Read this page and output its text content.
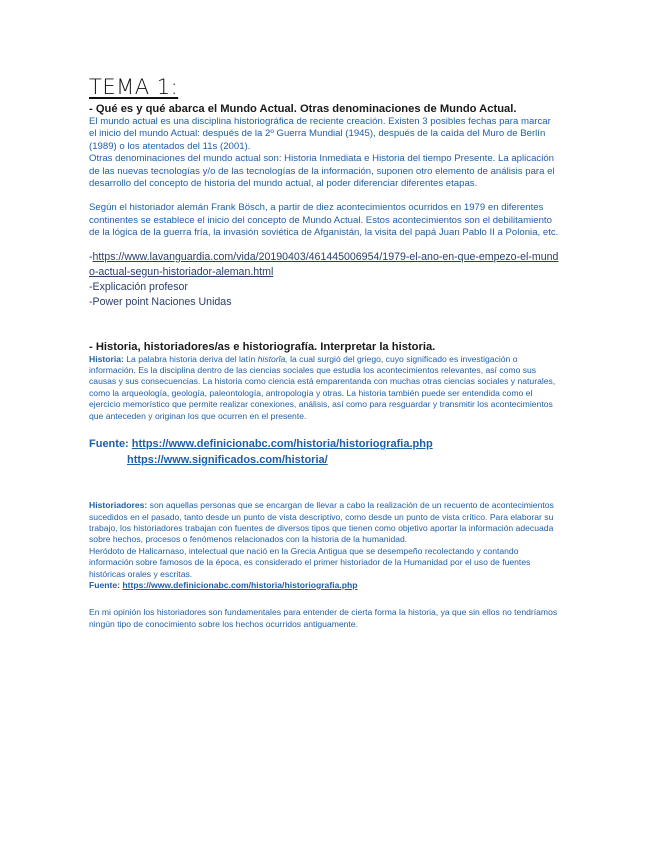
TEMA 1:

- Qué es y qué abarca el Mundo Actual. Otras denominaciones de Mundo Actual.

El mundo actual es una disciplina historiográfica de reciente creación. Existen 3 posibles fechas para marcar el inicio del mundo Actual: después de la 2º Guerra Mundial (1945), después de la caída del Muro de Berlín (1989) o los atentados del 11s (2001).

Otras denominaciones del mundo actual son: Historia Inmediata e Historia del tiempo Presente. La aplicación de las nuevas tecnologías y/o de las tecnologías de la información, suponen otro elemento de análisis para el desarrollo del concepto de historia del mundo actual, al poder diferenciar diferentes etapas.

Según el historiador alemán Frank Bösch, a partir de diez acontecimientos ocurridos en 1979 en diferentes continentes se establece el inicio del concepto de Mundo Actual. Estos acontecimientos son el debilitamiento de la lógica de la guerra fría, la invasión soviética de Afganistán, la visita del papá Juan Pablo II a Polonia, etc.

-https://www.lavanguardia.com/vida/20190403/461445006954/1979-el-ano-en-que-empezo-el-mundo-actual-segun-historiador-aleman.html

-Explicación profesor

-Power point Naciones Unidas

- Historia, historiadores/as e historiografía. Interpretar la historia.

Historia: La palabra historia deriva del latín historĭa, la cual surgió del griego, cuyo significado es investigación o información. Es la disciplina dentro de las ciencias sociales que estudia los acontecimientos relevantes, así como sus causas y sus consecuencias. La historia como ciencia está emparentanda con muchas otras ciencias sociales y naturales, como la arqueología, geología, paleontología, antropología y otras. La historia también puede ser entendida como el ejercicio memorístico que permite realizar conexiones, análisis, así como para resguardar y transmitir los acontecimientos que anteceden y originan los que ocurren en el presente.

Fuente: https://www.definicionabc.com/historia/historiografia.php
https://www.significados.com/historia/

Historiadores: son aquellas personas que se encargan de llevar a cabo la realización de un recuento de acontecimientos sucedidos en el pasado, tanto desde un punto de vista descriptivo, como desde un punto de vista crítico. Para elaborar su trabajo, los historiadores trabajan con fuentes de diversos tipos que tienen como objetivo aportar la información adecuada sobre hechos, procesos o fenómenos relacionados con la historia de la humanidad.

Heródoto de Halicarnaso, intelectual que nació en la Grecia Antigua que se desempeño recolectando y contando información sobre famosos de la época, es considerado el primer historiador de la Humanidad por el uso de fuentes históricas orales y escritas.

Fuente: https://www.definicionabc.com/historia/historiografia.php

En mi opinión los historiadores son fundamentales para entender de cierta forma la historia, ya que sin ellos no tendríamos ningún tipo de conocimiento sobre los hechos ocurridos antiguamente.
